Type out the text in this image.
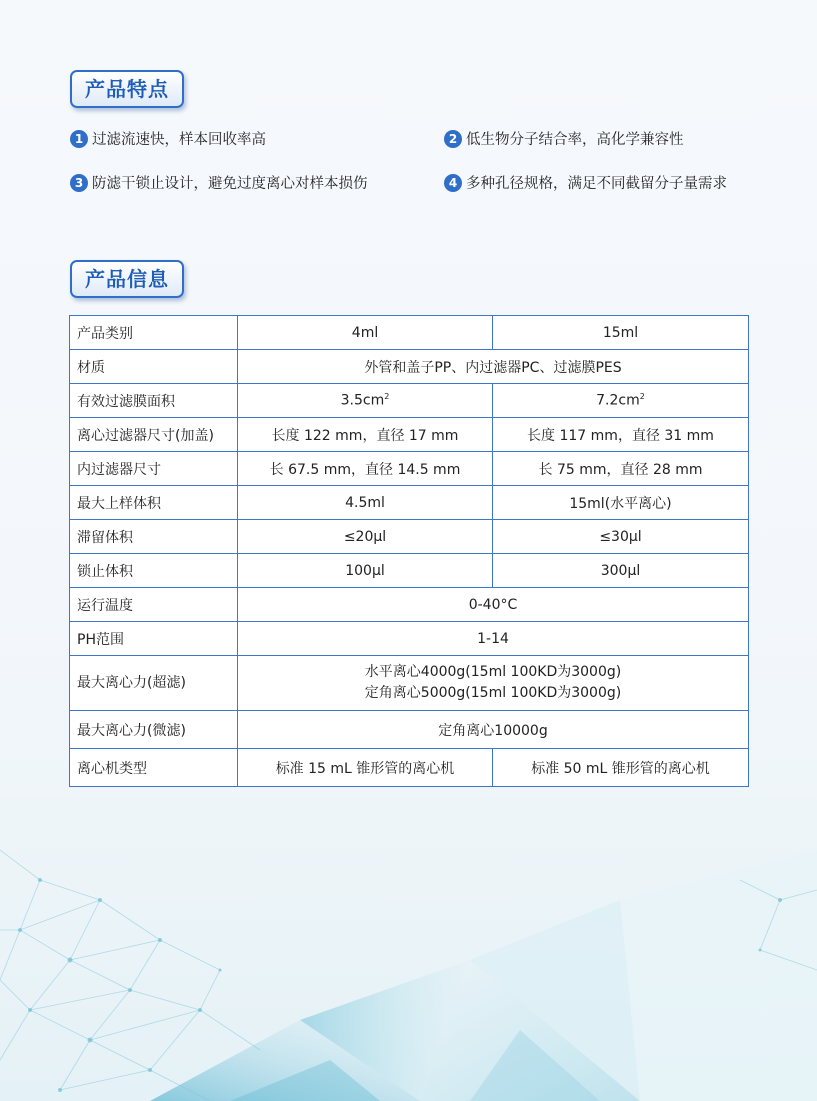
产品特点
1 过滤流速快，样本回收率高	2 低生物分子结合率，高化学兼容性
3 防滤干锁止设计，避免过度离心对样本损伤	4 多种孔径规格，满足不同截留分子量需求
产品信息
产品类别	4ml	15ml
材质	外管和盖子PP、内过滤器PC、过滤膜PES	
有效过滤膜面积	$3.5cm^2$	$7.2cm^2$
离心过滤器尺寸(加盖)	长度 122 mm，直径 17 mm	长度 117 mm，直径 31 mm
内过滤器尺寸	长 67.5 mm，直径 14.5 mm	长 75 mm，直径 28 mm
最大上样体积	4.5ml	15ml(水平离心)
滞留体积	≤20μl	≤30μl
锁止体积	100μl	300μl
运行温度	0-40°C	
PH范围	1-14	
最大离心力(超滤)	水平离心4000g(15ml 100KD为3000g)
定角离心5000g(15ml 100KD为3000g)	

最大离心力(微滤)	定角离心10000g	
离心机类型	标准 15 mL 锥形管的离心机	标准 50 mL 锥形管的离心机
